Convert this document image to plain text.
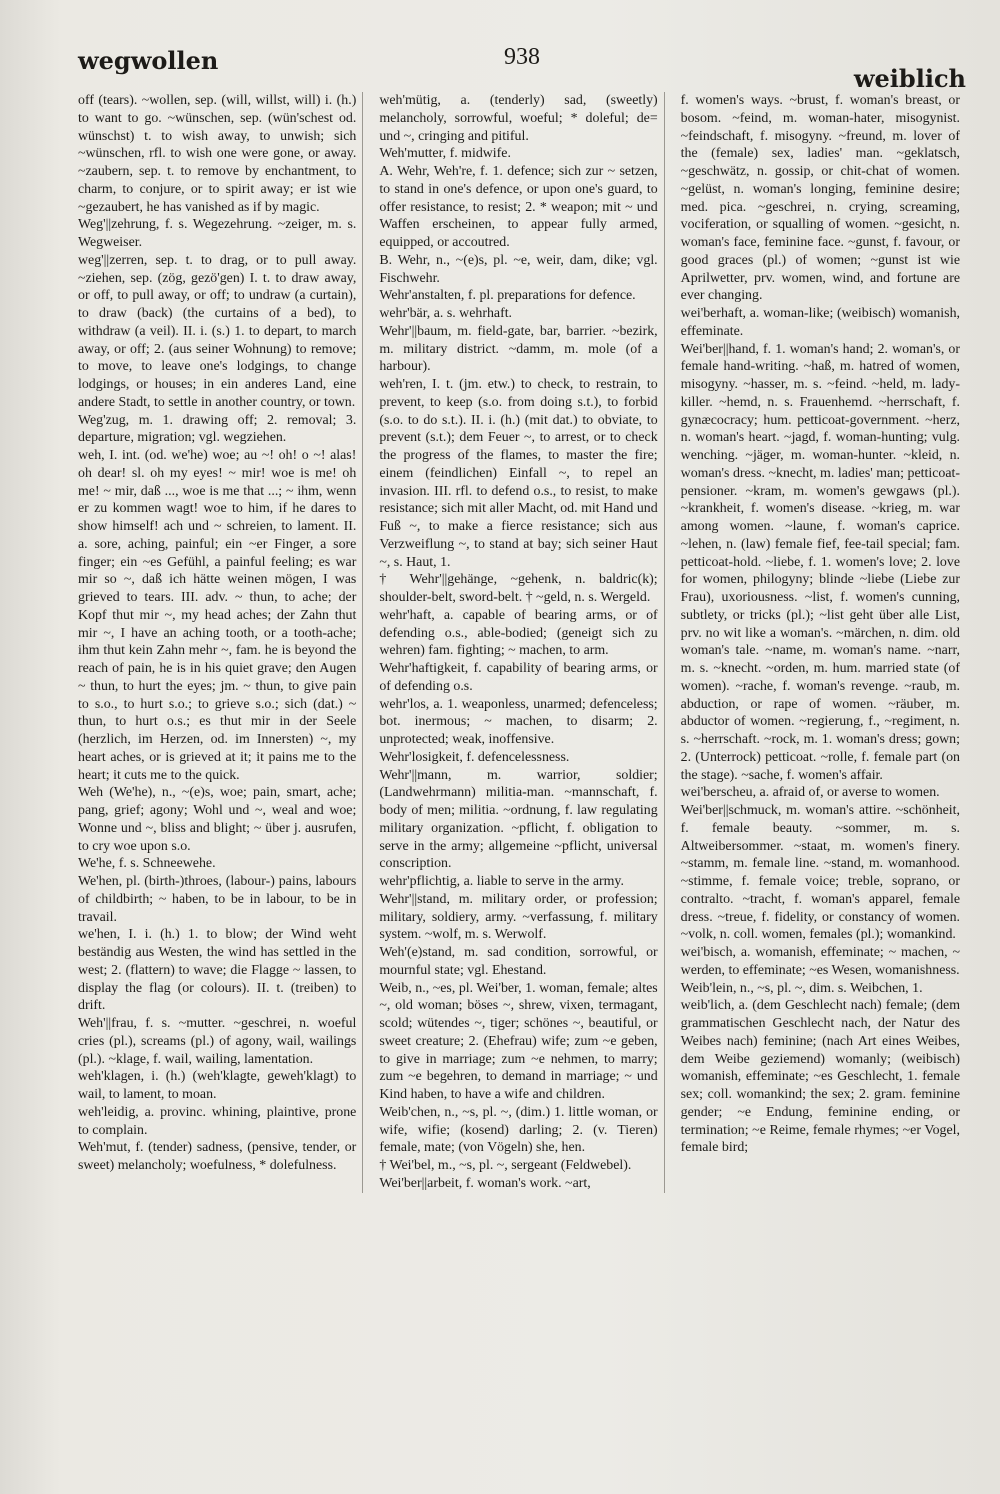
wegwollen	938
weiblich

off (tears). ~wollen, sep. (will, willst, will) i. (h.) to want to go. ~wünschen, sep. (wün'schest od. wünschst) t. to wish away, to unwish; sich ~wünschen, rfl. to wish one were gone, or away. ~zaubern, sep. t. to remove by enchantment, to charm, to conjure, or to spirit away; er ist wie ~gezaubert, he has vanished as if by magic.

Weg'||zehrung, f. s. Wegezehrung. ~zeiger, m. s. Wegweiser.

weg'||zerren, sep. t. to drag, or to pull away. ~ziehen, sep. (zög, gezö'gen) I. t. to draw away, or off, to pull away, or off; to undraw (a curtain), to draw (back) (the curtains of a bed), to withdraw (a veil). II. i. (s.) 1. to depart, to march away, or off; 2. (aus seiner Wohnung) to remove; to move, to leave one's lodgings, to change lodgings, or houses; in ein anderes Land, eine andere Stadt, to settle in another country, or town.

Weg'zug, m. 1. drawing off; 2. removal; 3. departure, migration; vgl. wegziehen.

weh, I. int. (od. we'he) woe; au ~! oh! o ~! alas! oh dear! sl. oh my eyes! ~ mir! woe is me! oh me! ~ mir, daß ..., woe is me that ...; ~ ihm, wenn er zu kommen wagt! woe to him, if he dares to show himself! ach und ~ schreien, to lament. II. a. sore, aching, painful; ein ~er Finger, a sore finger; ein ~es Gefühl, a painful feeling; es war mir so ~, daß ich hätte weinen mögen, I was grieved to tears. III. adv. ~ thun, to ache; der Kopf thut mir ~, my head aches; der Zahn thut mir ~, I have an aching tooth, or a tooth-ache; ihm thut kein Zahn mehr ~, fam. he is beyond the reach of pain, he is in his quiet grave; den Augen ~ thun, to hurt the eyes; jm. ~ thun, to give pain to s.o., to hurt s.o.; to grieve s.o.; sich (dat.) ~ thun, to hurt o.s.; es thut mir in der Seele (herzlich, im Herzen, od. im Innersten) ~, my heart aches, or is grieved at it; it pains me to the heart; it cuts me to the quick.

Weh (We'he), n., ~(e)s, woe; pain, smart, ache; pang, grief; agony; Wohl und ~, weal and woe; Wonne und ~, bliss and blight; ~ über j. ausrufen, to cry woe upon s.o.

We'he, f. s. Schneewehe.

We'hen, pl. (birth-)throes, (labour-) pains, labours of childbirth; ~ haben, to be in labour, to be in travail.

we'hen, I. i. (h.) 1. to blow; der Wind weht beständig aus Westen, the wind has settled in the west; 2. (flattern) to wave; die Flagge ~ lassen, to display the flag (or colours). II. t. (treiben) to drift.

Weh'||frau, f. s. ~mutter. ~geschrei, n. woeful cries (pl.), screams (pl.) of agony, wail, wailings (pl.). ~klage, f. wail, wailing, lamentation.

weh'klagen, i. (h.) (weh'klagte, geweh'klagt) to wail, to lament, to moan.

weh'leidig, a. provinc. whining, plaintive, prone to complain.

Weh'mut, f. (tender) sadness, (pensive, tender, or sweet) melancholy; woefulness, * dolefulness.

weh'mütig, a. (tenderly) sad, (sweetly) melancholy, sorrowful, woeful; * doleful; de= und ~, cringing and pitiful.

Weh'mutter, f. midwife.

A. Wehr, Weh're, f. 1. defence; sich zur ~ setzen, to stand in one's defence, or upon one's guard, to offer resistance, to resist; 2. * weapon; mit ~ und Waffen erscheinen, to appear fully armed, equipped, or accoutred.

B. Wehr, n., ~(e)s, pl. ~e, weir, dam, dike; vgl. Fischwehr.

Wehr'anstalten, f. pl. preparations for defence.

wehr'bär, a. s. wehrhaft.

Wehr'||baum, m. field-gate, bar, barrier. ~bezirk, m. military district. ~damm, m. mole (of a harbour).

weh'ren, I. t. (jm. etw.) to check, to restrain, to prevent, to keep (s.o. from doing s.t.), to forbid (s.o. to do s.t.). II. i. (h.) (mit dat.) to obviate, to prevent (s.t.); dem Feuer ~, to arrest, or to check the progress of the flames, to master the fire; einem (feindlichen) Einfall ~, to repel an invasion. III. rfl. to defend o.s., to resist, to make resistance; sich mit aller Macht, od. mit Hand und Fuß ~, to make a fierce resistance; sich aus Verzweiflung ~, to stand at bay; sich seiner Haut ~, s. Haut, 1.

† Wehr'||gehänge, ~gehenk, n. baldric(k); shoulder-belt, sword-belt. † ~geld, n. s. Wergeld.

wehr'haft, a. capable of bearing arms, or of defending o.s., able-bodied; (geneigt sich zu wehren) fam. fighting; ~ machen, to arm.

Wehr'haftigkeit, f. capability of bearing arms, or of defending o.s.

wehr'los, a. 1. weaponless, unarmed; defenceless; bot. inermous; ~ machen, to disarm; 2. unprotected; weak, inoffensive.

Wehr'losigkeit, f. defencelessness.

Wehr'||mann, m. warrior, soldier; (Landwehrmann) militia-man. ~mannschaft, f. body of men; militia. ~ordnung, f. law regulating military organization. ~pflicht, f. obligation to serve in the army; allgemeine ~pflicht, universal conscription.

wehr'pflichtig, a. liable to serve in the army.

Wehr'||stand, m. military order, or profession; military, soldiery, army. ~verfassung, f. military system. ~wolf, m. s. Werwolf.

Weh'(e)stand, m. sad condition, sorrowful, or mournful state; vgl. Ehestand.

Weib, n., ~es, pl. Wei'ber, 1. woman, female; altes ~, old woman; böses ~, shrew, vixen, termagant, scold; wütendes ~, tiger; schönes ~, beautiful, or sweet creature; 2. (Ehefrau) wife; zum ~e geben, to give in marriage; zum ~e nehmen, to marry; zum ~e begehren, to demand in marriage; ~ und Kind haben, to have a wife and children.

Weib'chen, n., ~s, pl. ~, (dim.) 1. little woman, or wife, wifie; (kosend) darling; 2. (v. Tieren) female, mate; (von Vögeln) she, hen.

† Wei'bel, m., ~s, pl. ~, sergeant (Feldwebel).

Wei'ber||arbeit, f. woman's work. ~art,

f. women's ways. ~brust, f. woman's breast, or bosom. ~feind, m. woman-hater, misogynist. ~feindschaft, f. misogyny. ~freund, m. lover of the (female) sex, ladies' man. ~geklatsch, ~geschwätz, n. gossip, or chit-chat of women. ~gelüst, n. woman's longing, feminine desire; med. pica. ~geschrei, n. crying, screaming, vociferation, or squalling of women. ~gesicht, n. woman's face, feminine face. ~gunst, f. favour, or good graces (pl.) of women; ~gunst ist wie Aprilwetter, prv. women, wind, and fortune are ever changing.

wei'berhaft, a. woman-like; (weibisch) womanish, effeminate.

Wei'ber||hand, f. 1. woman's hand; 2. woman's, or female hand-writing. ~haß, m. hatred of women, misogyny. ~hasser, m. s. ~feind. ~held, m. lady-killer. ~hemd, n. s. Frauenhemd. ~herrschaft, f. gynæcocracy; hum. petticoat-government. ~herz, n. woman's heart. ~jagd, f. woman-hunting; vulg. wenching. ~jäger, m. woman-hunter. ~kleid, n. woman's dress. ~knecht, m. ladies' man; petticoat-pensioner. ~kram, m. women's gewgaws (pl.). ~krankheit, f. women's disease. ~krieg, m. war among women. ~laune, f. woman's caprice. ~lehen, n. (law) female fief, fee-tail special; fam. petticoat-hold. ~liebe, f. 1. women's love; 2. love for women, philogyny; blinde ~liebe (Liebe zur Frau), uxoriousness. ~list, f. women's cunning, subtlety, or tricks (pl.); ~list geht über alle List, prv. no wit like a woman's. ~märchen, n. dim. old woman's tale. ~name, m. woman's name. ~narr, m. s. ~knecht. ~orden, m. hum. married state (of women). ~rache, f. woman's revenge. ~raub, m. abduction, or rape of women. ~räuber, m. abductor of women. ~regierung, f., ~regiment, n. s. ~herrschaft. ~rock, m. 1. woman's dress; gown; 2. (Unterrock) petticoat. ~rolle, f. female part (on the stage). ~sache, f. women's affair.

wei'berscheu, a. afraid of, or averse to women.

Wei'ber||schmuck, m. woman's attire. ~schönheit, f. female beauty. ~sommer, m. s. Altweibersommer. ~staat, m. women's finery. ~stamm, m. female line. ~stand, m. womanhood. ~stimme, f. female voice; treble, soprano, or contralto. ~tracht, f. woman's apparel, female dress. ~treue, f. fidelity, or constancy of women. ~volk, n. coll. women, females (pl.); womankind.

wei'bisch, a. womanish, effeminate; ~ machen, ~ werden, to effeminate; ~es Wesen, womanishness.

Weib'lein, n., ~s, pl. ~, dim. s. Weibchen, 1.

weib'lich, a. (dem Geschlecht nach) female; (dem grammatischen Geschlecht nach, der Natur des Weibes nach) feminine; (nach Art eines Weibes, dem Weibe geziemend) womanly; (weibisch) womanish, effeminate; ~es Geschlecht, 1. female sex; coll. womankind; the sex; 2. gram. feminine gender; ~e Endung, feminine ending, or termination; ~e Reime, female rhymes; ~er Vogel, female bird;
